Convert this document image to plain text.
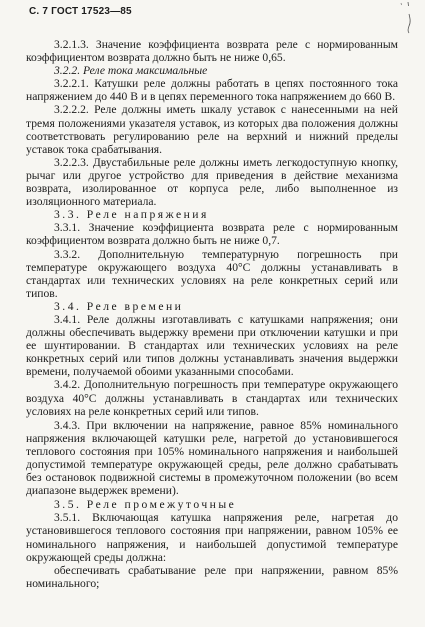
С. 7 ГОСТ 17523—85

3.2.1.3. Значение коэффициента возврата реле с нормированным коэффициентом возврата должно быть не ниже 0,65.

3.2.2. Реле тока максимальные

3.2.2.1. Катушки реле должны работать в цепях постоянного тока напряжением до 440 В и в цепях переменного тока напряжением до 660 В.

3.2.2.2. Реле должны иметь шкалу уставок с нанесенными на ней тремя положениями указателя уставок, из которых два положения должны соответствовать регулированию реле на верхний и нижний пределы уставок тока срабатывания.

3.2.2.3. Двустабильные реле должны иметь легкодоступную кнопку, рычаг или другое устройство для приведения в действие механизма возврата, изолированное от корпуса реле, либо выполненное из изоляционного материала.

3.3. Реле напряжения

3.3.1. Значение коэффициента возврата реле с нормированным коэффициентом возврата должно быть не ниже 0,7.

3.3.2. Дополнительную температурную погрешность при температуре окружающего воздуха 40°С должны устанавливать в стандартах или технических условиях на реле конкретных серий или типов.

3.4. Реле времени

3.4.1. Реле должны изготавливать с катушками напряжения; они должны обеспечивать выдержку времени при отключении катушки и при ее шунтировании. В стандартах или технических условиях на реле конкретных серий или типов должны устанавливать значения выдержки времени, получаемой обоими указанными способами.

3.4.2. Дополнительную погрешность при температуре окружающего воздуха 40°С должны устанавливать в стандартах или технических условиях на реле конкретных серий или типов.

3.4.3. При включении на напряжение, равное 85% номинального напряжения включающей катушки реле, нагретой до установившегося теплового состояния при 105% номинального напряжения и наибольшей допустимой температуре окружающей среды, реле должно срабатывать без остановок подвижной системы в промежуточном положении (во всем диапазоне выдержек времени).

3.5. Реле промежуточные

3.5.1. Включающая катушка напряжения реле, нагретая до установившегося теплового состояния при напряжении, равном 105% ее номинального напряжения, и наибольшей допустимой температуре окружающей среды должна:

обеспечивать срабатывание реле при напряжении, равном 85% номинального;
